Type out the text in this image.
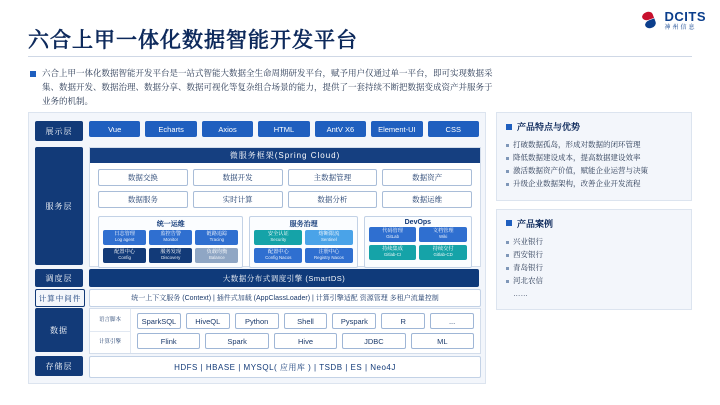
DCITS
神州信息
六合上甲一体化数据智能开发平台
六合上甲一体化数据智能开发平台是一站式智能大数据全生命周期研发平台，赋予用户仅通过单一平台，即可实现数据采集、数据开发、数据治理、数据分享、数据可视化等复杂组合场景的能力，提供了一套持续不断把数据变成资产并服务于业务的机制。
展示层
服务层
调度层
计算中间件
数据
存储层
Vue	Echarts	Axios	HTML	AntV X6	Element-UI	CSS
微服务框架(Spring Cloud)
数据交换	数据开发	主数据管理	数据资产
数据服务	实时计算	数据分析	数据运维
统一运维
日志管理
Log agent
监控告警
Monitor
链路追踪
Tracing
配置中心
Config
服务发现
Discovery
负载均衡
Balance
服务治理
安全认证
Security
熔断限流
Sentinel
配置中心
Config Nacos
注册中心
Registry Nacos
DevOps
代码管理
GitLab
文档管理
Wiki
持续集成
Gitlab-CI
持续交付
Gitlab-CD
大数据分布式调度引擎 (SmartDS)
统一上下文服务 (Context) | 插件式加载 (AppClassLoader) | 计算引擎适配 资源管理 多租户流量控制
语言脚本
计算引擎
SparkSQL	HiveQL	Python	Shell	Pyspark	R	...
Flink	Spark	Hive	JDBC	ML
HDFS | HBASE | MYSQL( 应用库 ) | TSDB | ES | Neo4J
产品特点与优势
打破数据孤岛，形成对数据的闭环管理
降低数据建设成本，提高数据建设效率
激活数据资产价值，赋能企业运营与决策
升级企业数据架构，改善企业开发流程
产品案例
兴业银行
西安银行
青岛银行
河北农信
……
